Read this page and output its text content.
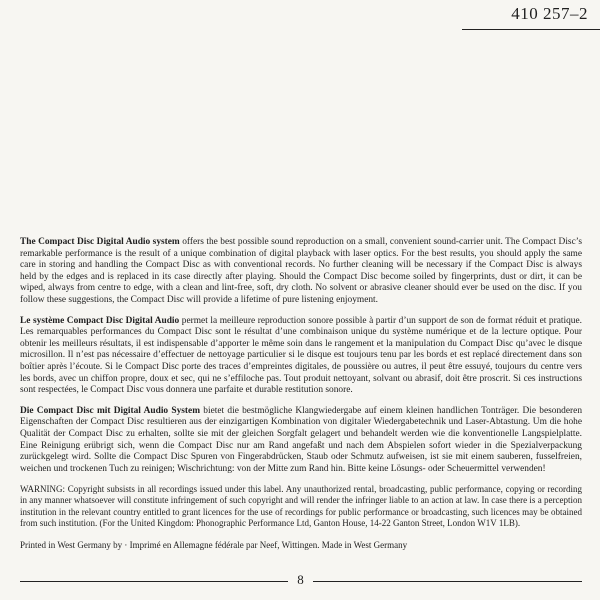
410 257–2

The Compact Disc Digital Audio system offers the best possible sound reproduction on a small, convenient sound-carrier unit. The Compact Disc’s remarkable performance is the result of a unique combination of digital playback with laser optics. For the best results, you should apply the same care in storing and handling the Compact Disc as with conventional records. No further cleaning will be necessary if the Compact Disc is always held by the edges and is replaced in its case directly after playing. Should the Compact Disc become soiled by fingerprints, dust or dirt, it can be wiped, always from centre to edge, with a clean and lint-free, soft, dry cloth. No solvent or abrasive cleaner should ever be used on the disc. If you follow these suggestions, the Compact Disc will provide a lifetime of pure listening enjoyment.

Le système Compact Disc Digital Audio permet la meilleure reproduction sonore possible à partir d’un support de son de format réduit et pratique. Les remarquables performances du Compact Disc sont le résultat d’une combinaison unique du système numérique et de la lecture optique. Pour obtenir les meilleurs résultats, il est indispensable d’apporter le même soin dans le rangement et la manipulation du Compact Disc qu’avec le disque microsillon. Il n’est pas nécessaire d’effectuer de nettoyage particulier si le disque est toujours tenu par les bords et est replacé directement dans son boîtier après l’écoute. Si le Compact Disc porte des traces d’empreintes digitales, de poussière ou autres, il peut être essuyé, toujours du centre vers les bords, avec un chiffon propre, doux et sec, qui ne s’effiloche pas. Tout produit nettoyant, solvant ou abrasif, doit être proscrit. Si ces instructions sont respectées, le Compact Disc vous donnera une parfaite et durable restitution sonore.

Die Compact Disc mit Digital Audio System bietet die bestmögliche Klangwiedergabe auf einem kleinen handlichen Tonträger. Die besonderen Eigenschaften der Compact Disc resultieren aus der einzigartigen Kombination von digitaler Wiedergabetechnik und Laser-Abtastung. Um die hohe Qualität der Compact Disc zu erhalten, sollte sie mit der gleichen Sorgfalt gelagert und behandelt werden wie die konventionelle Langspielplatte. Eine Reinigung erübrigt sich, wenn die Compact Disc nur am Rand angefaßt und nach dem Abspielen sofort wieder in die Spezialverpackung zurückgelegt wird. Sollte die Compact Disc Spuren von Fingerabdrücken, Staub oder Schmutz aufweisen, ist sie mit einem sauberen, fusselfreien, weichen und trockenen Tuch zu reinigen; Wischrichtung: von der Mitte zum Rand hin. Bitte keine Lösungs- oder Scheuermittel verwenden!

WARNING: Copyright subsists in all recordings issued under this label. Any unauthorized rental, broadcasting, public performance, copying or recording in any manner whatsoever will constitute infringement of such copyright and will render the infringer liable to an action at law. In case there is a perception institution in the relevant country entitled to grant licences for the use of recordings for public performance or broadcasting, such licences may be obtained from such institution. (For the United Kingdom: Phonographic Performance Ltd, Ganton House, 14-22 Ganton Street, London W1V 1LB).

Printed in West Germany by · Imprimé en Allemagne fédérale par Neef, Wittingen. Made in West Germany

8
